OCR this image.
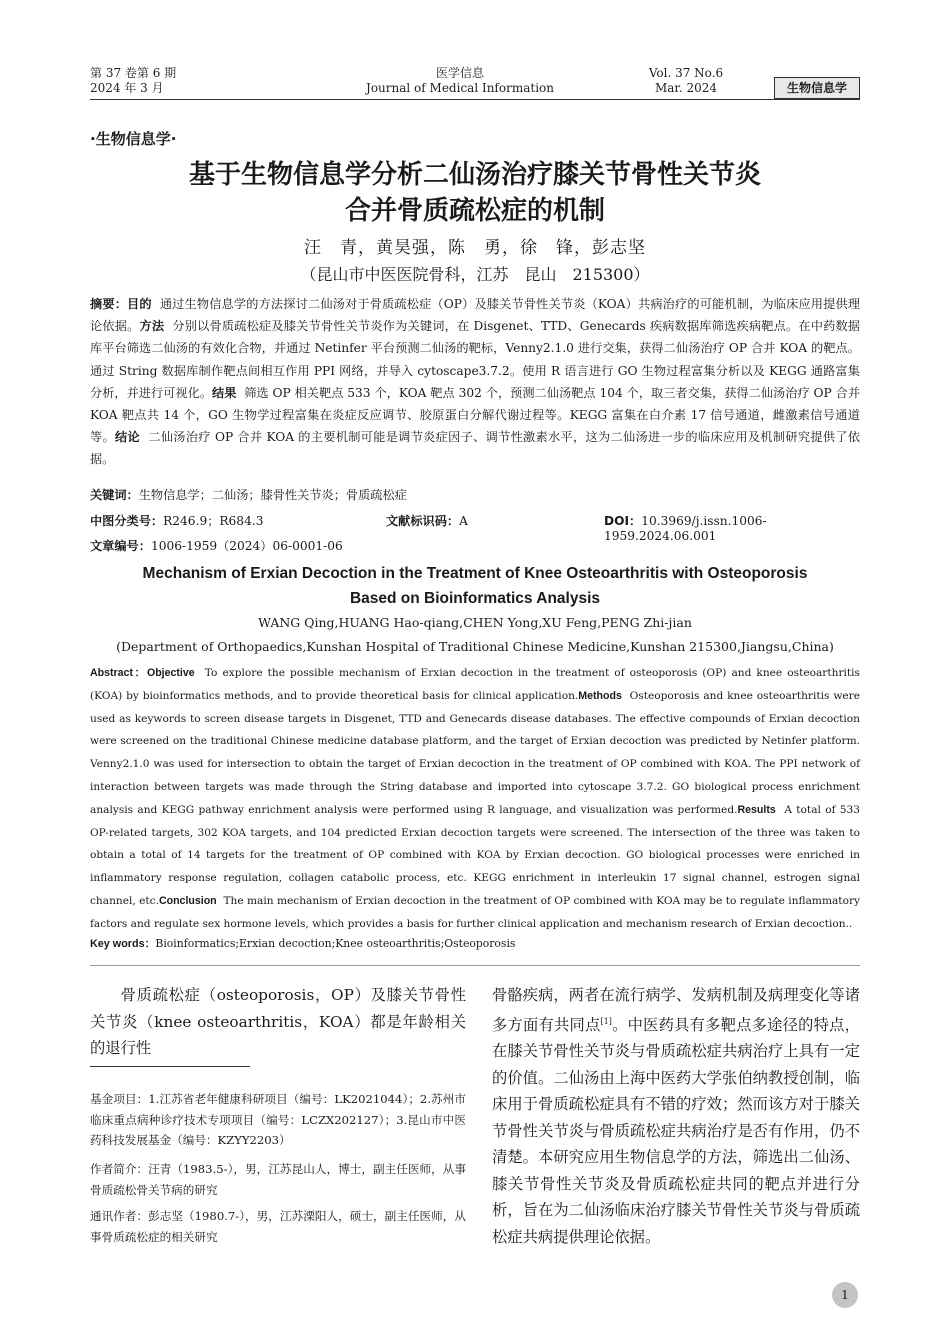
第 37 卷第 6 期
2024 年 3 月
医学信息
Journal of Medical Information
Vol. 37 No.6
Mar. 2024	生物信息学
·生物信息学·
基于生物信息学分析二仙汤治疗膝关节骨性关节炎
合并骨质疏松症的机制
汪　青，黄昊强，陈　勇，徐　锋，彭志坚
（昆山市中医医院骨科，江苏　昆山　215300）
摘要：目的 通过生物信息学的方法探讨二仙汤对于骨质疏松症（OP）及膝关节骨性关节炎（KOA）共病治疗的可能机制，为临床应用提供理论依据。方法 分别以骨质疏松症及膝关节骨性关节炎作为关键词，在 Disgenet、TTD、Genecards 疾病数据库筛选疾病靶点。在中药数据库平台筛选二仙汤的有效化合物，并通过 Netinfer 平台预测二仙汤的靶标，Venny2.1.0 进行交集，获得二仙汤治疗 OP 合并 KOA 的靶点。通过 String 数据库制作靶点间相互作用 PPI 网络，并导入 cytoscape3.7.2。使用 R 语言进行 GO 生物过程富集分析以及 KEGG 通路富集分析，并进行可视化。结果 筛选 OP 相关靶点 533 个，KOA 靶点 302 个，预测二仙汤靶点 104 个，取三者交集，获得二仙汤治疗 OP 合并 KOA 靶点共 14 个，GO 生物学过程富集在炎症反应调节、胶原蛋白分解代谢过程等。KEGG 富集在白介素 17 信号通道，雌激素信号通道等。结论 二仙汤治疗 OP 合并 KOA 的主要机制可能是调节炎症因子、调节性激素水平，这为二仙汤进一步的临床应用及机制研究提供了依据。
关键词：生物信息学；二仙汤；膝骨性关节炎；骨质疏松症
中图分类号：R246.9；R684.3	文献标识码：A	DOI：10.3969/j.issn.1006-1959.2024.06.001
文章编号：1006-1959（2024）06-0001-06
Mechanism of Erxian Decoction in the Treatment of Knee Osteoarthritis with Osteoporosis
Based on Bioinformatics Analysis
WANG Qing,HUANG Hao-qiang,CHEN Yong,XU Feng,PENG Zhi-jian
(Department of Orthopaedics,Kunshan Hospital of Traditional Chinese Medicine,Kunshan 215300,Jiangsu,China)
Abstract：Objective To explore the possible mechanism of Erxian decoction in the treatment of osteoporosis (OP) and knee osteoarthritis (KOA) by bioinformatics methods, and to provide theoretical basis for clinical application.Methods Osteoporosis and knee osteoarthritis were used as keywords to screen disease targets in Disgenet, TTD and Genecards disease databases. The effective compounds of Erxian decoction were screened on the traditional Chinese medicine database platform, and the target of Erxian decoction was predicted by Netinfer platform. Venny2.1.0 was used for intersection to obtain the target of Erxian decoction in the treatment of OP combined with KOA. The PPI network of interaction between targets was made through the String database and imported into cytoscape 3.7.2. GO biological process enrichment analysis and KEGG pathway enrichment analysis were performed using R language, and visualization was performed.Results A total of 533 OP-related targets, 302 KOA targets, and 104 predicted Erxian decoction targets were screened. The intersection of the three was taken to obtain a total of 14 targets for the treatment of OP combined with KOA by Erxian decoction. GO biological processes were enriched in inflammatory response regulation, collagen catabolic process, etc. KEGG enrichment in interleukin 17 signal channel, estrogen signal channel, etc.Conclusion The main mechanism of Erxian decoction in the treatment of OP combined with KOA may be to regulate inflammatory factors and regulate sex hormone levels, which provides a basis for further clinical application and mechanism research of Erxian decoction..
Key words：Bioinformatics;Erxian decoction;Knee osteoarthritis;Osteoporosis
骨质疏松症（osteoporosis，OP）及膝关节骨性关节炎（knee osteoarthritis，KOA）都是年龄相关的退行性
基金项目：1.江苏省老年健康科研项目（编号：LK2021044）；2.苏州市临床重点病种诊疗技术专项项目（编号：LCZX202127）；3.昆山市中医药科技发展基金（编号：KZYY2203）
作者简介：汪青（1983.5-），男，江苏昆山人，博士，副主任医师，从事骨质疏松骨关节病的研究
通讯作者：彭志坚（1980.7-），男，江苏溧阳人，硕士，副主任医师，从事骨质疏松症的相关研究
骨骼疾病，两者在流行病学、发病机制及病理变化等诸多方面有共同点[1]。中医药具有多靶点多途径的特点，在膝关节骨性关节炎与骨质疏松症共病治疗上具有一定的价值。二仙汤由上海中医药大学张伯纳教授创制，临床用于骨质疏松症具有不错的疗效；然而该方对于膝关节骨性关节炎与骨质疏松症共病治疗是否有作用，仍不清楚。本研究应用生物信息学的方法，筛选出二仙汤、膝关节骨性关节炎及骨质疏松症共同的靶点并进行分析，旨在为二仙汤临床治疗膝关节骨性关节炎与骨质疏松症共病提供理论依据。
1
